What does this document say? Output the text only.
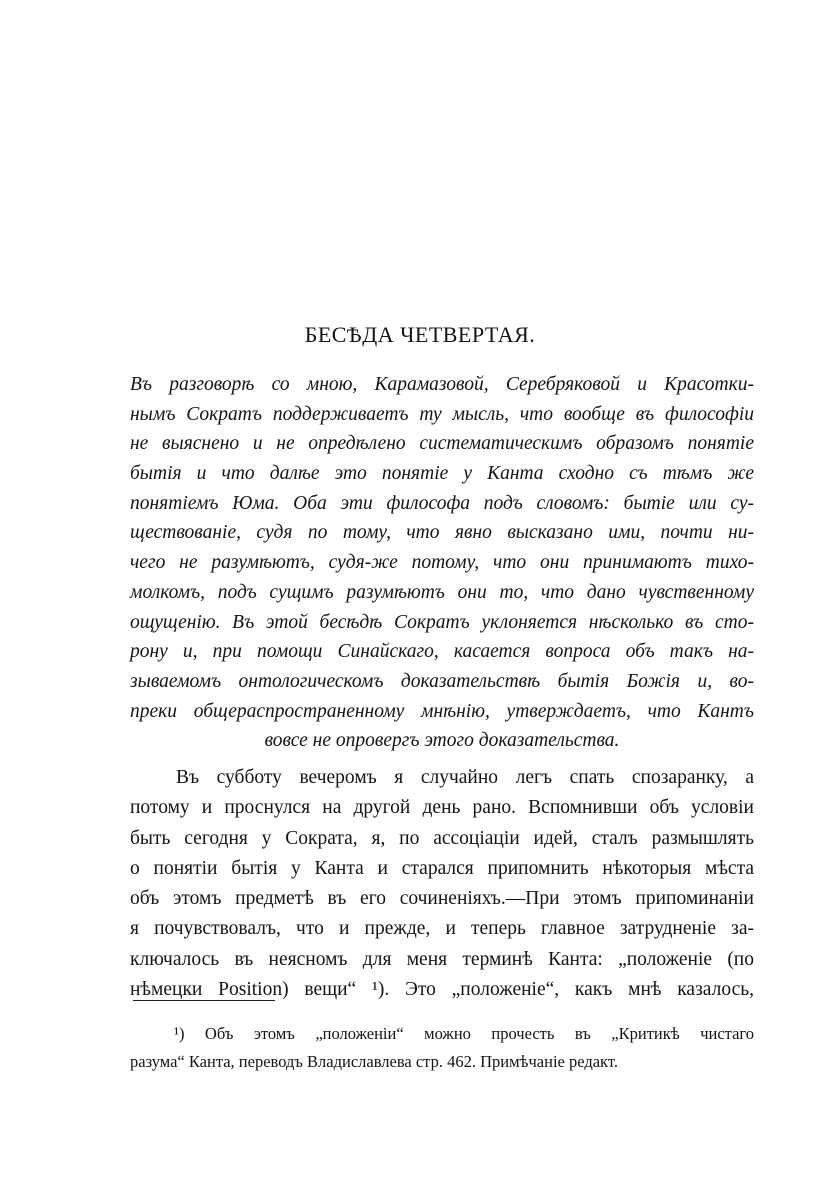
БЕСѢДА ЧЕТВЕРТАЯ.
Въ разговорѣ со мною, Карамазовой, Серебряковой и Красотки-
нымъ Сократъ поддерживаетъ ту мысль, что вообще въ философіи
не выяснено и не опредѣлено систематическимъ образомъ понятіе
бытія и что далѣе это понятіе у Канта сходно съ тѣмъ же
понятіемъ Юма. Оба эти философа подъ словомъ: бытіе или су-
ществованіе, судя по тому, что явно высказано ими, почти ни-
чего не разумѣютъ, судя-же потому, что они принимаютъ тихо-
молкомъ, подъ сущимъ разумѣютъ они то, что дано чувственному
ощущенію. Въ этой бесѣдѣ Сократъ уклоняется нѣсколько въ сто-
рону и, при помощи Синайскаго, касается вопроса объ такъ на-
зываемомъ онтологическомъ доказательствѣ бытія Божія и, во-
преки общераспространенному мнѣнію, утверждаетъ, что Кантъ
вовсе не опровергъ этого доказательства.
Въ субботу вечеромъ я случайно легъ спать спозаранку, а
потому и проснулся на другой день рано. Вспомнивши объ условіи
быть сегодня у Сократа, я, по ассоціаціи идей, сталъ размышлять
о понятіи бытія у Канта и старался припомнить нѣкоторыя мѣста
объ этомъ предметѣ въ его сочиненіяхъ.—При этомъ припоминаніи
я почувствовалъ, что и прежде, и теперь главное затрудненіе за-
ключалось въ неясномъ для меня терминѣ Канта: „положеніе (по
нѣмецки Position) вещи“ ¹). Это „положеніе“, какъ мнѣ казалось,
¹) Объ этомъ „положеніи“ можно прочесть въ „Критикѣ чистаго
разума“ Канта, переводъ Владиславлева стр. 462. Примѣчаніе редакт.
